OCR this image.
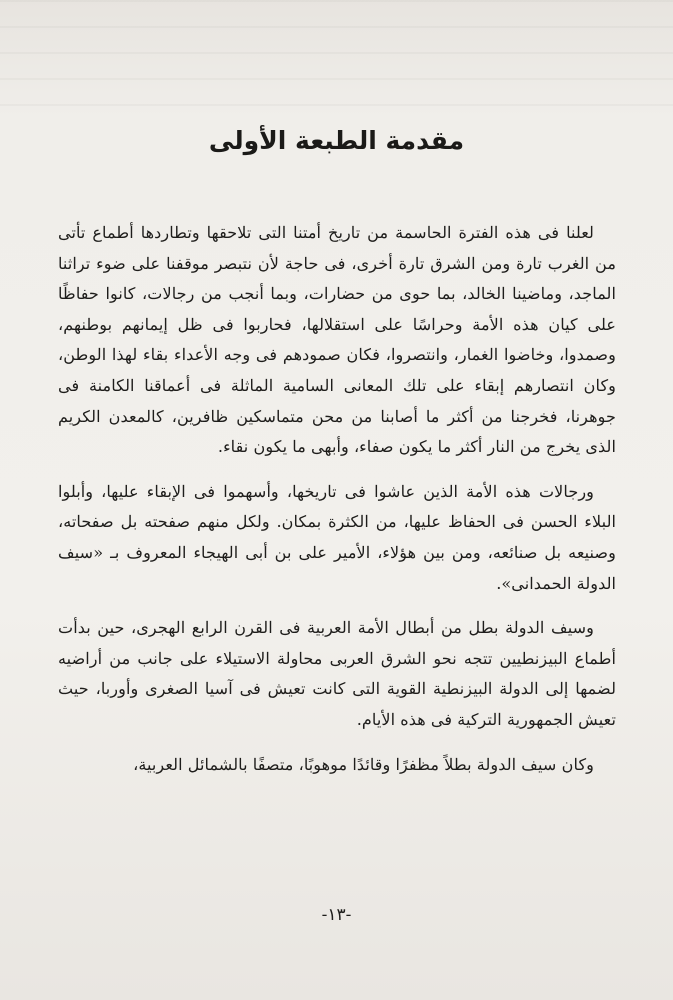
مقدمة الطبعة الأولى

لعلنا فى هذه الفترة الحاسمة من تاريخ أمتنا التى تلاحقها وتطاردها أطماع تأتى من الغرب تارة ومن الشرق تارة أخرى، فى حاجة لأن نتبصر موقفنا على ضوء تراثنا الماجد، وماضينا الخالد، بما حوى من حضارات، وبما أنجب من رجالات، كانوا حفاظًا على كيان هذه الأمة وحراسًا على استقلالها، فحاربوا فى ظل إيمانهم بوطنهم، وصمدوا، وخاضوا الغمار، وانتصروا، فكان صمودهم فى وجه الأعداء بقاء لهذا الوطن، وكان انتصارهم إبقاء على تلك المعانى السامية الماثلة فى أعماقنا الكامنة فى جوهرنا، فخرجنا من أكثر ما أصابنا من محن متماسكين ظافرين، كالمعدن الكريم الذى يخرج من النار أكثر ما يكون صفاء، وأبهى ما يكون نقاء.

ورجالات هذه الأمة الذين عاشوا فى تاريخها، وأسهموا فى الإبقاء عليها، وأبلوا البلاء الحسن فى الحفاظ عليها، من الكثرة بمكان. ولكل منهم صفحته بل صفحاته، وصنيعه بل صنائعه، ومن بين هؤلاء، الأمير على بن أبى الهيجاء المعروف بـ «سيف الدولة الحمدانى».

وسيف الدولة بطل من أبطال الأمة العربية فى القرن الرابع الهجرى، حين بدأت أطماع البيزنطيين تتجه نحو الشرق العربى محاولة الاستيلاء على جانب من أراضيه لضمها إلى الدولة البيزنطية القوية التى كانت تعيش فى آسيا الصغرى وأوربا، حيث تعيش الجمهورية التركية فى هذه الأيام.

وكان سيف الدولة بطلاً مظفرًا وقائدًا موهوبًا، متصفًا بالشمائل العربية،

-١٣-
